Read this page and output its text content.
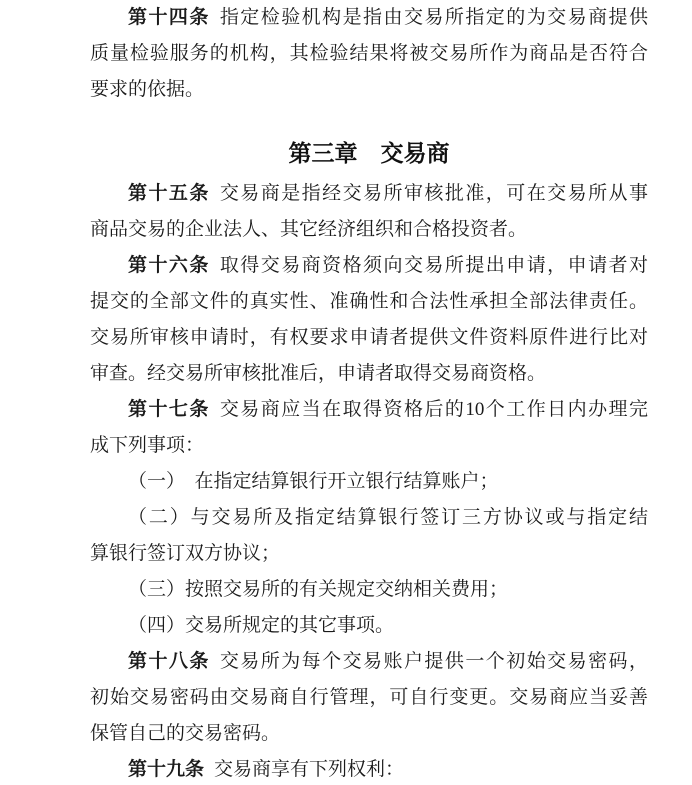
第十四条 指定检验机构是指由交易所指定的为交易商提供
质量检验服务的机构，其检验结果将被交易所作为商品是否符合
要求的依据。
第三章　交易商
第十五条 交易商是指经交易所审核批准，可在交易所从事
商品交易的企业法人、其它经济组织和合格投资者。
第十六条 取得交易商资格须向交易所提出申请，申请者对
提交的全部文件的真实性、准确性和合法性承担全部法律责任。
交易所审核申请时，有权要求申请者提供文件资料原件进行比对
审查。经交易所审核批准后，申请者取得交易商资格。
第十七条 交易商应当在取得资格后的10个工作日内办理完
成下列事项：
（一）　在指定结算银行开立银行结算账户；
（二）与交易所及指定结算银行签订三方协议或与指定结
算银行签订双方协议；
（三）按照交易所的有关规定交纳相关费用；
（四）交易所规定的其它事项。
第十八条 交易所为每个交易账户提供一个初始交易密码，
初始交易密码由交易商自行管理，可自行变更。交易商应当妥善
保管自己的交易密码。
第十九条 交易商享有下列权利：
